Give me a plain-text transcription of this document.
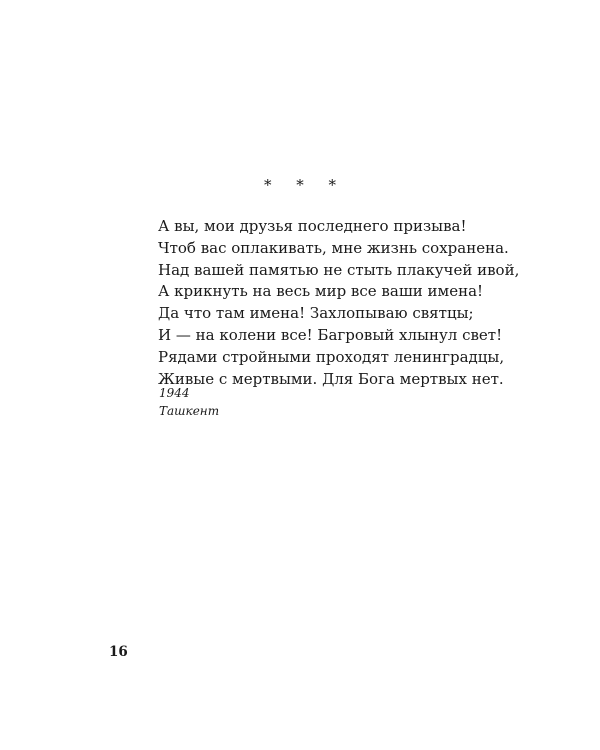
* * *
А вы, мои друзья последнего призыва!
Чтоб вас оплакивать, мне жизнь сохранена.
Над вашей памятью не стыть плакучей ивой,
А крикнуть на весь мир все ваши имена!
Да что там имена! Захлопываю святцы;
И — на колени все! Багровый хлынул свет!
Рядами стройными проходят ленинградцы,
Живые с мертвыми. Для Бога мертвых нет.
1944
Ташкент
16
